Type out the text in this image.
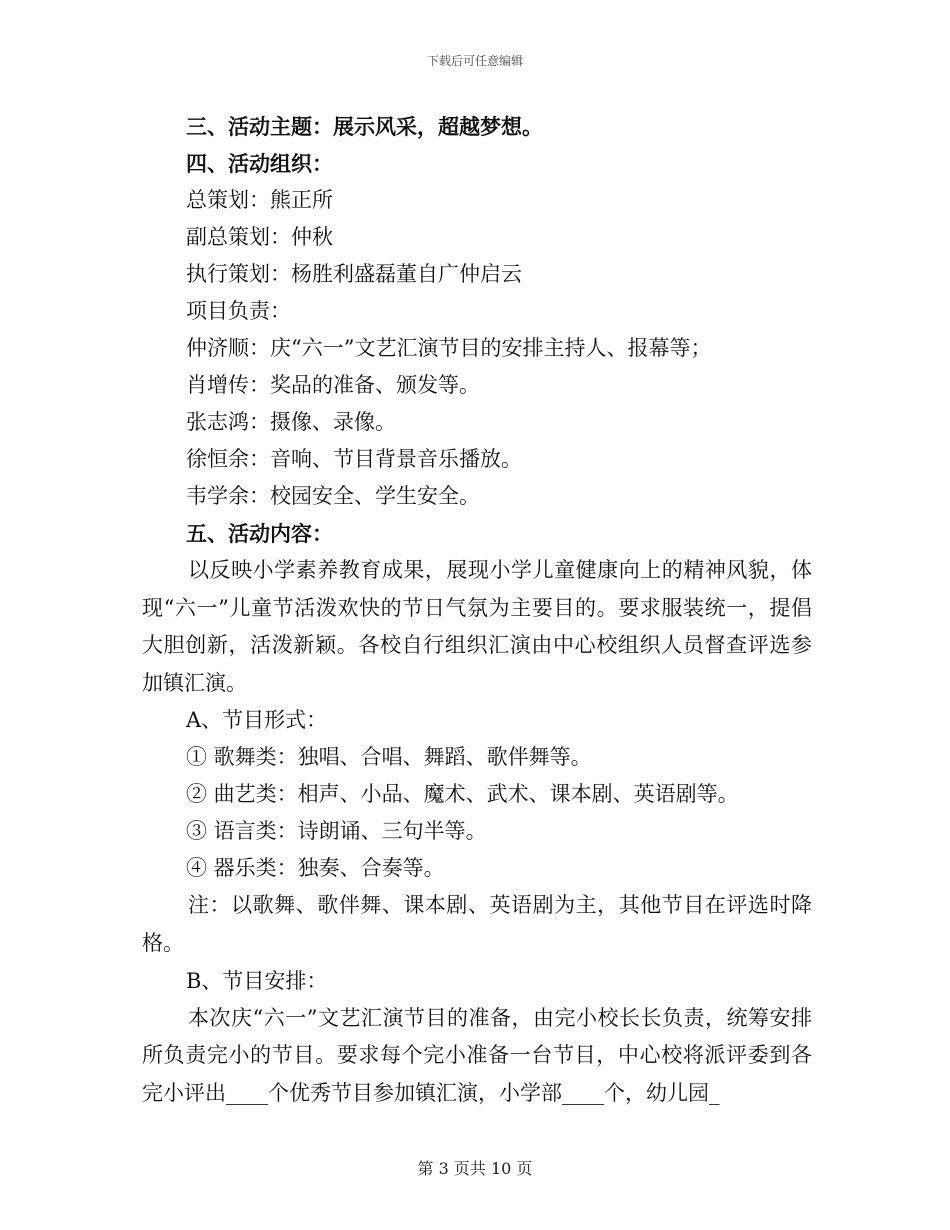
下载后可任意编辑
三、活动主题：展示风采，超越梦想。
四、活动组织：
总策划：熊正所
副总策划：仲秋
执行策划：杨胜利盛磊董自广仲启云
项目负责：
仲济顺：庆“六一”文艺汇演节目的安排主持人、报幕等；
肖增传：奖品的准备、颁发等。
张志鸿：摄像、录像。
徐恒余：音响、节目背景音乐播放。
韦学余：校园安全、学生安全。
五、活动内容：
以反映小学素养教育成果，展现小学儿童健康向上的精神风貌，体现“六一”儿童节活泼欢快的节日气氛为主要目的。要求服装统一，提倡大胆创新，活泼新颖。各校自行组织汇演由中心校组织人员督查评选参加镇汇演。
A、节目形式：
① 歌舞类：独唱、合唱、舞蹈、歌伴舞等。
② 曲艺类：相声、小品、魔术、武术、课本剧、英语剧等。
③ 语言类：诗朗诵、三句半等。
④ 器乐类：独奏、合奏等。
注：以歌舞、歌伴舞、课本剧、英语剧为主，其他节目在评选时降格。
B、节目安排：
本次庆“六一”文艺汇演节目的准备，由完小校长长负责，统筹安排所负责完小的节目。要求每个完小准备一台节目，中心校将派评委到各完小评出____个优秀节目参加镇汇演，小学部____个，幼儿园_
第 3 页共 10 页
